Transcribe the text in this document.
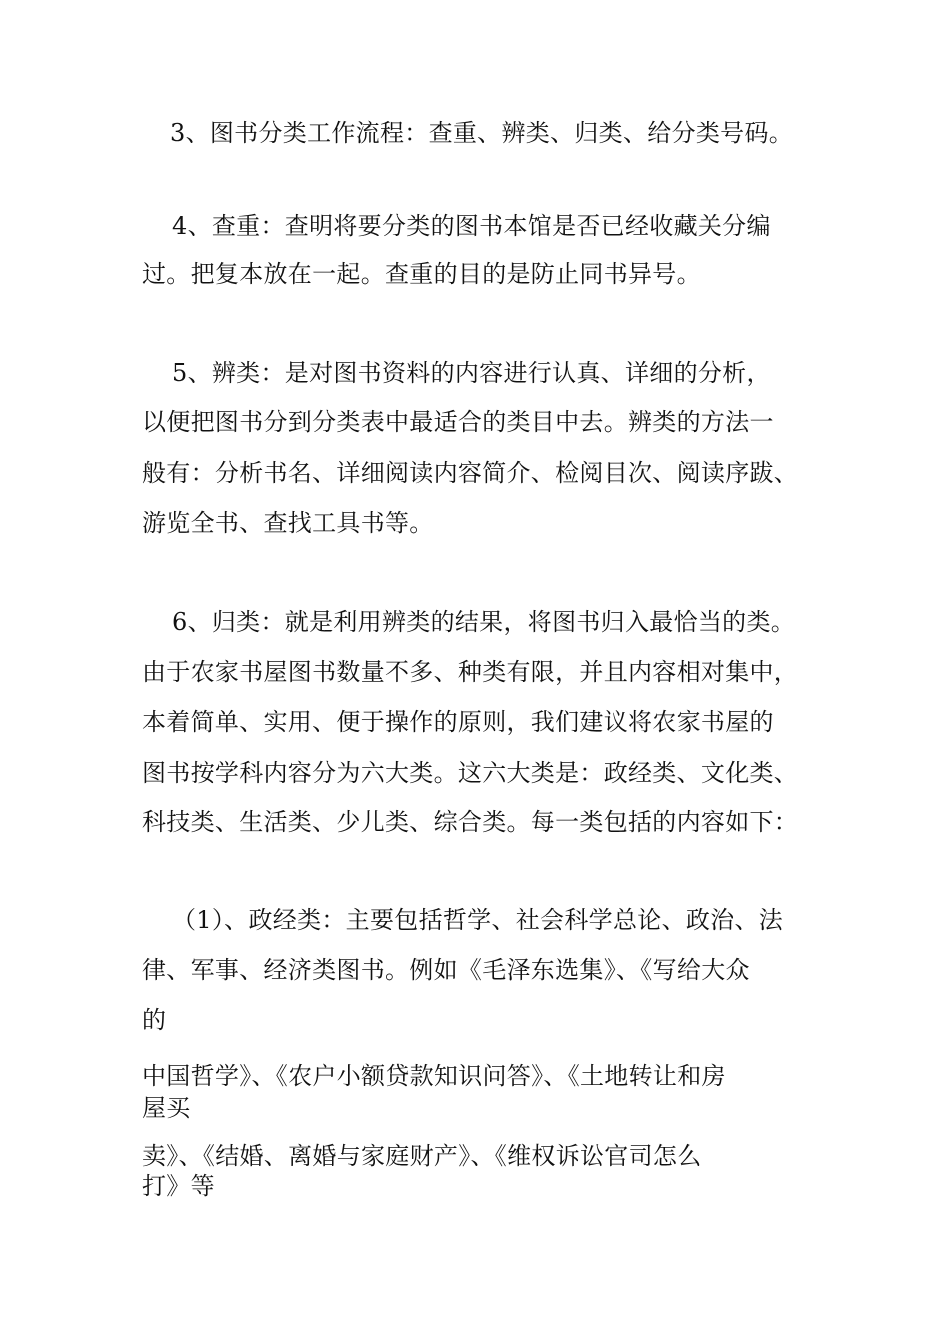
3、图书分类工作流程：查重、辨类、归类、给分类号码。
4、查重：查明将要分类的图书本馆是否已经收藏关分编
过。把复本放在一起。查重的目的是防止同书异号。
5、辨类：是对图书资料的内容进行认真、详细的分析，
以便把图书分到分类表中最适合的类目中去。辨类的方法一
般有：分析书名、详细阅读内容简介、检阅目次、阅读序跋、
游览全书、查找工具书等。
6、归类：就是利用辨类的结果，将图书归入最恰当的类。
由于农家书屋图书数量不多、种类有限，并且内容相对集中，
本着简单、实用、便于操作的原则，我们建议将农家书屋的
图书按学科内容分为六大类。这六大类是：政经类、文化类、
科技类、生活类、少儿类、综合类。每一类包括的内容如下：
（1）、政经类：主要包括哲学、社会科学总论、政治、法
律、军事、经济类图书。例如《毛泽东选集》、《写给大众
的
中国哲学》、《农户小额贷款知识问答》、《土地转让和房
屋买
卖》、《结婚、离婚与家庭财产》、《维权诉讼官司怎么
打》等
